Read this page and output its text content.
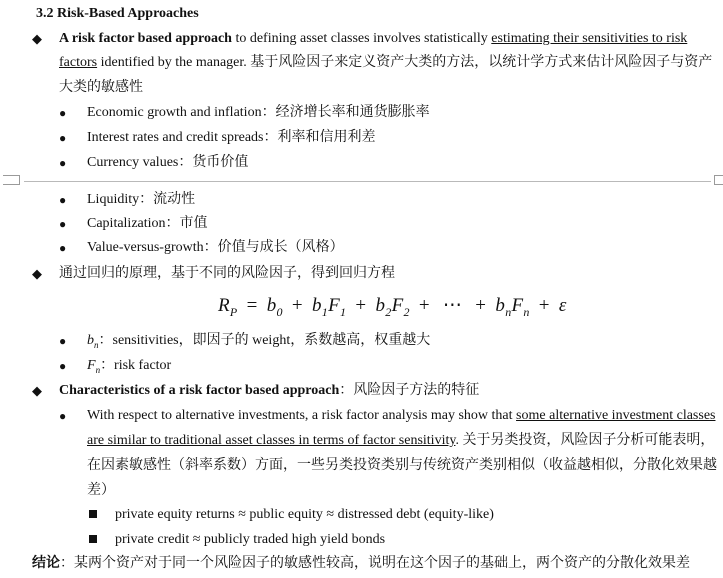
3.2 Risk-Based Approaches
◆ A risk factor based approach to defining asset classes involves statistically estimating their sensitivities to risk
factors identified by the manager. 基于风险因子来定义资产大类的方法，以统计学方式来估计风险因子与资产
大类的敏感性
● Economic growth and inflation：经济增长率和通货膨胀率
● Interest rates and credit spreads：利率和信用利差
● Currency values：货币价值
● Liquidity：流动性
● Capitalization：市值
● Value-versus-growth：价值与成长（风格）
◆ 通过回归的原理，基于不同的风险因子，得到回归方程
$R_P = b_0 + b_1F_1 + b_2F_2$ + ⋯ + $b_nF_n + \varepsilon$
● $b_n$：sensitivities，即因子的 weight，系数越高，权重越大
● $F_n$：risk factor
◆ Characteristics of a risk factor based approach：风险因子方法的特征
● With respect to alternative investments, a risk factor analysis may show that some alternative investment classes
are similar to traditional asset classes in terms of factor sensitivity. 关于另类投资，风险因子分析可能表明，
在因素敏感性（斜率系数）方面，一些另类投资类别与传统资产类别相似（收益越相似，分散化效果越
差）
private equity returns ≈ public equity ≈ distressed debt (equity-like)
private credit ≈ publicly traded high yield bonds
结论：某两个资产对于同一个风险因子的敏感性较高，说明在这个因子的基础上，两个资产的分散化效果差
